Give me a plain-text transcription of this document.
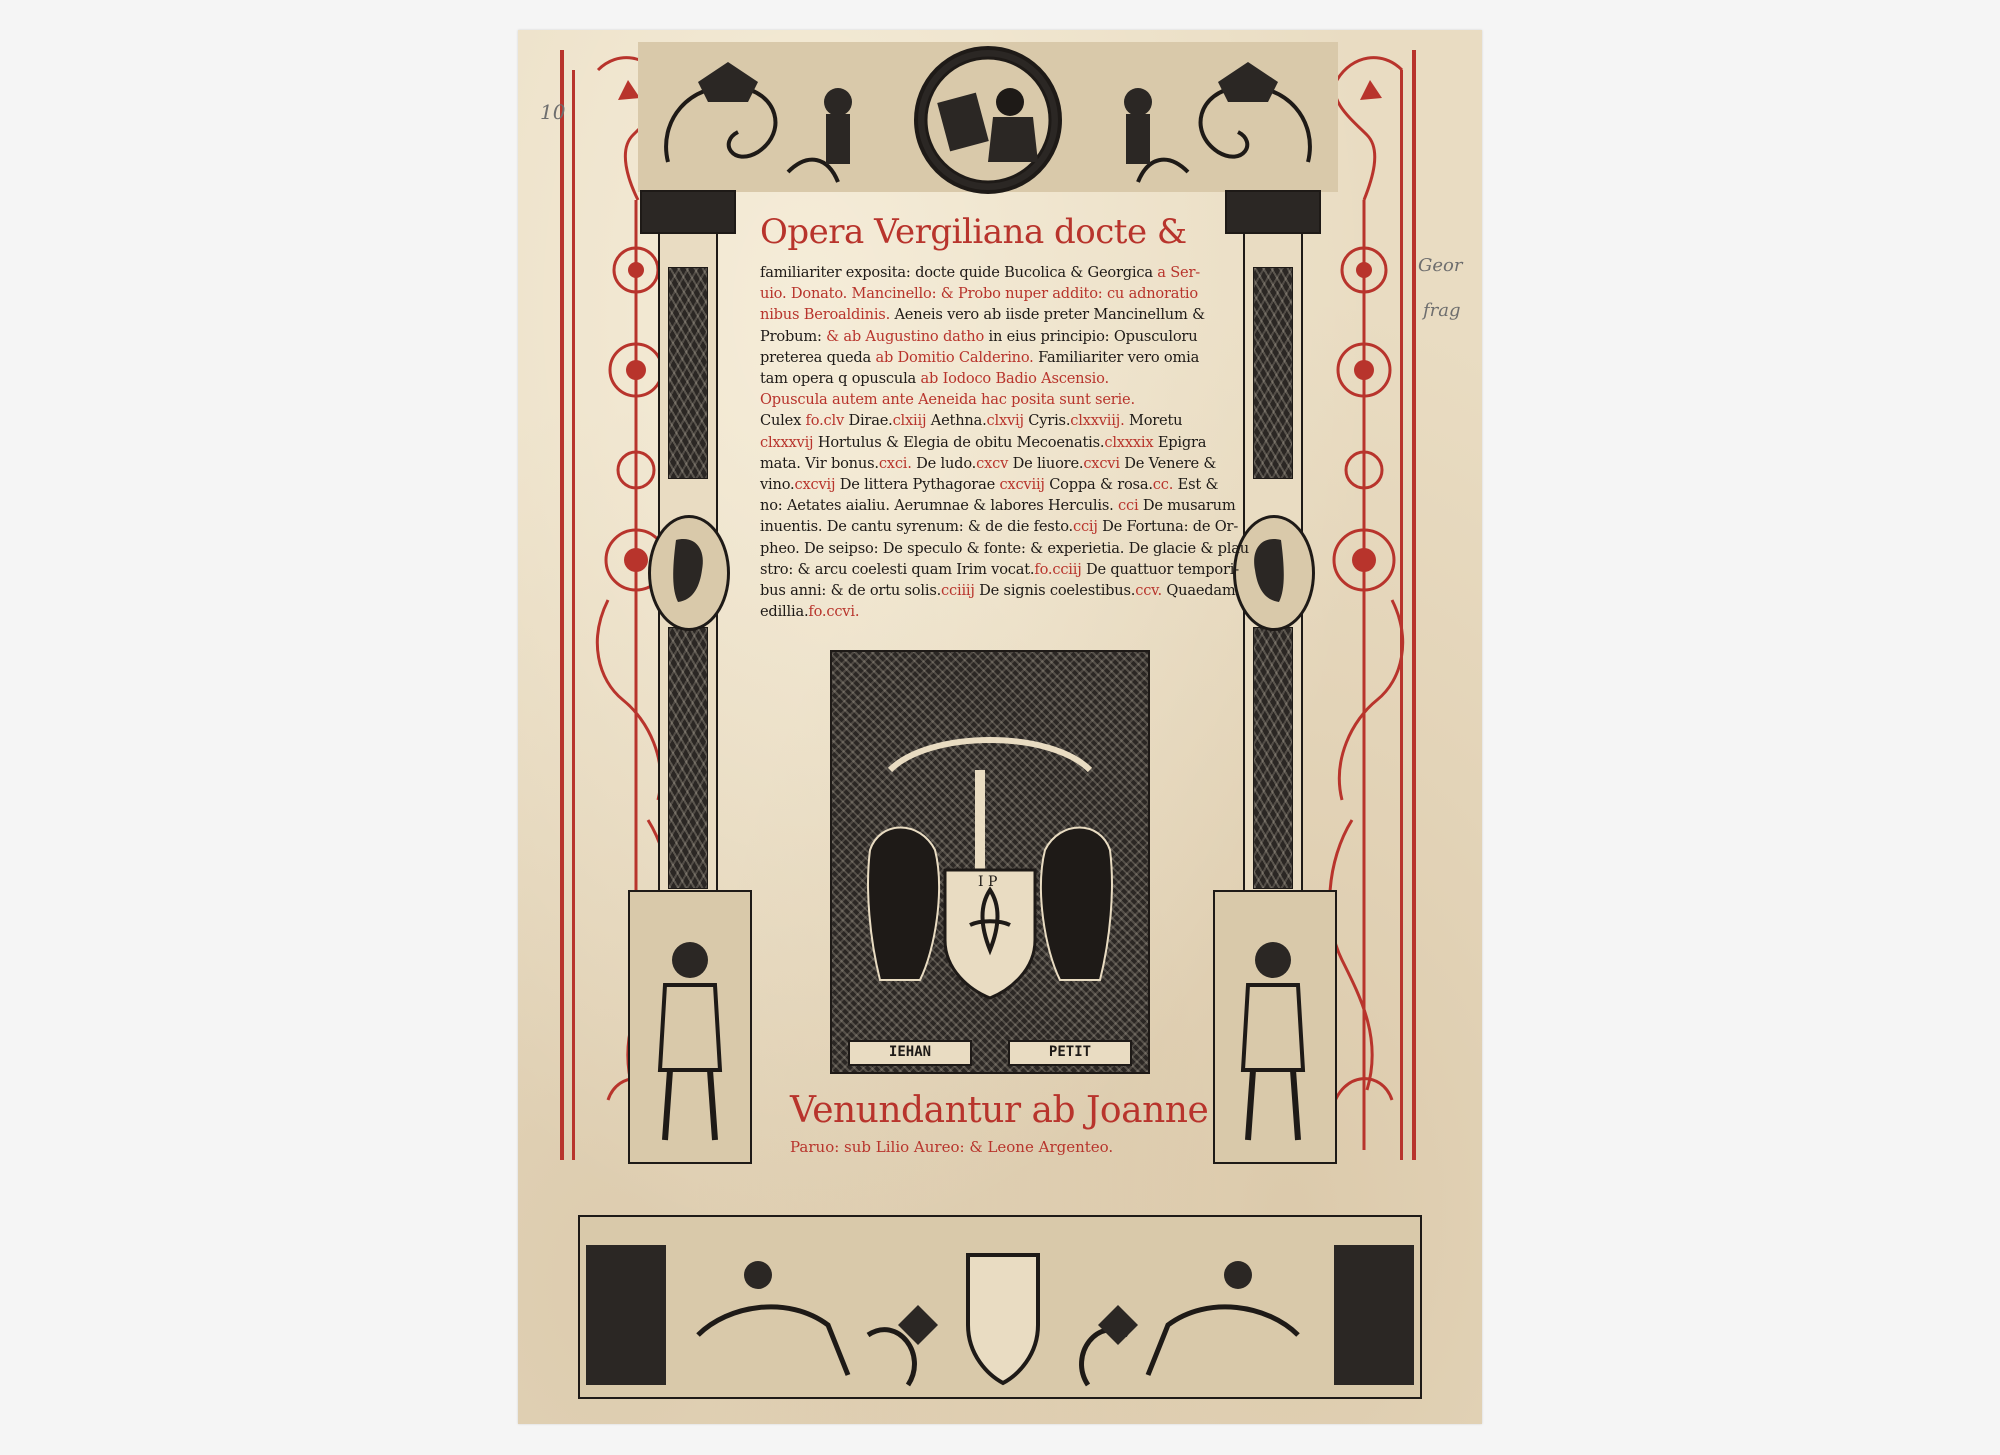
I P
IEHAN	PETIT
10
Geor
frag
Opera Vergiliana docte &
familiariter exposita: docte quide Bucolica & Georgica a Ser-
uio. Donato. Mancinello: & Probo nuper addito: cu adnoratio
nibus Beroaldinis. Aeneis vero ab iisde preter Mancinellum &
Probum: & ab Augustino datho in eius principio: Opusculoru
preterea queda ab Domitio Calderino. Familiariter vero omia
tam opera q opuscula ab Iodoco Badio Ascensio.
Opuscula autem ante Aeneida hac posita sunt serie.
Culex fo.clv Dirae.clxiij Aethna.clxvij Cyris.clxxviij. Moretu
clxxxvij Hortulus & Elegia de obitu Mecoenatis.clxxxix Epigra
mata. Vir bonus.cxci. De ludo.cxcv De liuore.cxcvi De Venere &
vino.cxcvij De littera Pythagorae cxcviij Coppa & rosa.cc. Est &
no: Aetates aialiu. Aerumnae & labores Herculis. cci De musarum
inuentis. De cantu syrenum: & de die festo.ccij De Fortuna: de Or-
pheo. De seipso: De speculo & fonte: & experietia. De glacie & plau
stro: & arcu coelesti quam Irim vocat.fo.cciij De quattuor tempori-
bus anni: & de ortu solis.cciiij De signis coelestibus.ccv. Quaedam
edillia.fo.ccvi.
Venundantur ab Joanne
Paruo: sub Lilio Aureo: & Leone Argenteo.
